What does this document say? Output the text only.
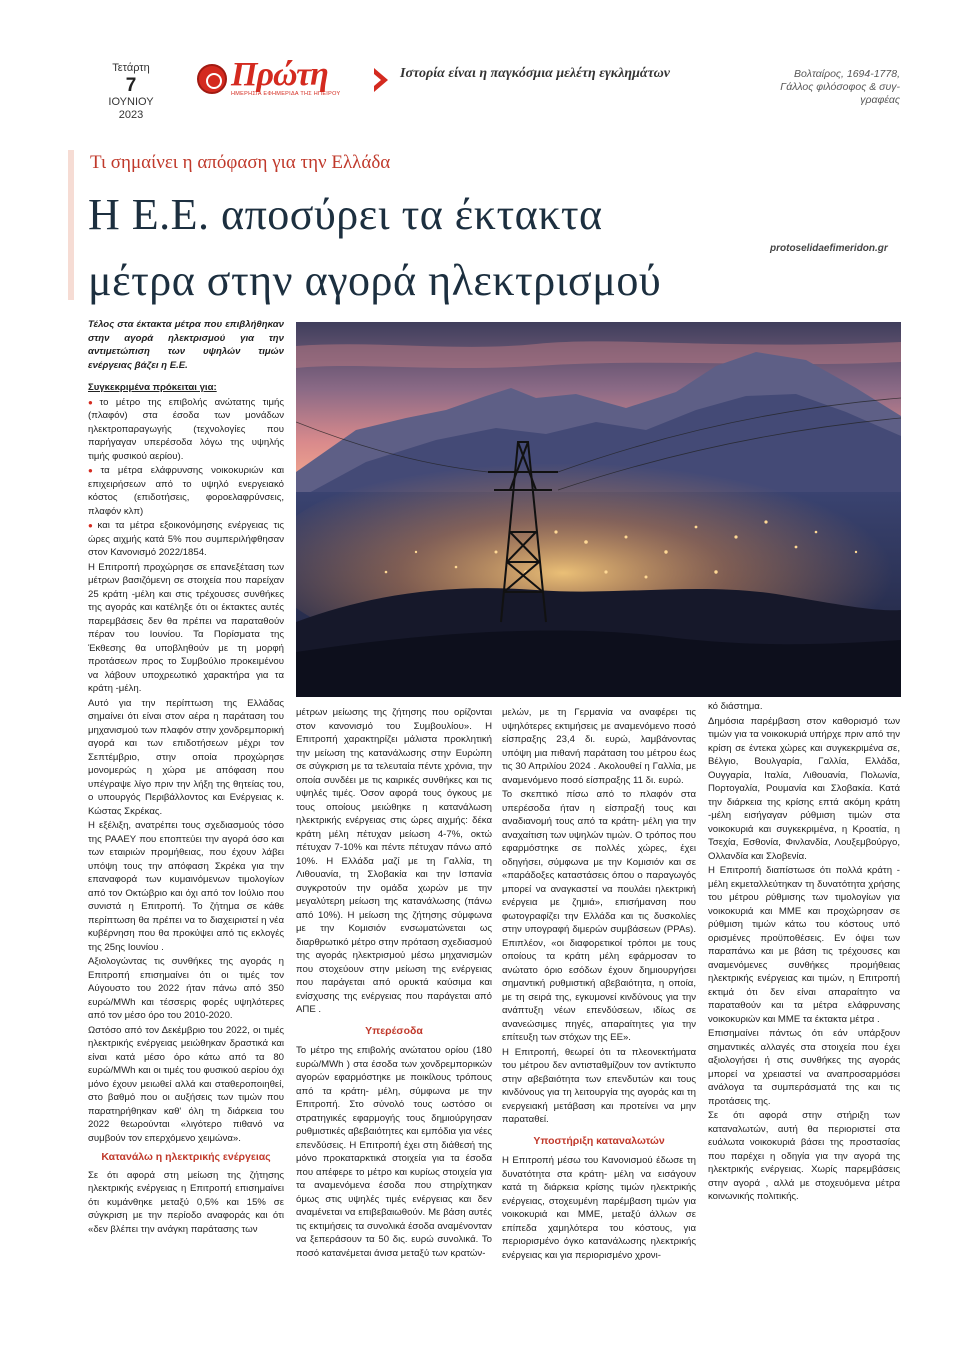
Τετάρτη
7
ΙΟΥΝΙΟΥ
2023
Πρώτη
ΗΜΕΡΗΣΙΑ ΕΦΗΜΕΡΙΔΑ ΤΗΣ ΗΠΕΙΡΟΥ
Ιστορία είναι η παγκόσμια μελέτη εγκλημάτων	Βολταίρος, 1694-1778,
Γάλλος φιλόσοφος & συγ-
γραφέας
Τι σημαίνει η απόφαση για την Ελλάδα
Η Ε.Ε. αποσύρει τα έκτακτα
μέτρα στην αγορά ηλεκτρισμού
protoselidaefimeridon.gr

Τέλος στα έκτακτα μέτρα που επιβλήθηκαν στην αγορά ηλεκτρισμού για την αντιμετώπιση των υψηλών τιμών ενέργειας βάζει η Ε.Ε.

Συγκεκριμένα πρόκειται για:

● το μέτρο της επιβολής ανώτατης τιμής (πλαφόν) στα έσοδα των μονάδων ηλεκτροπαραγωγής (τεχνολογίες που παρήγαγαν υπερέσοδα λόγω της υψηλής τιμής φυσικού αερίου).

● τα μέτρα ελάφρυνσης νοικοκυριών και επιχειρήσεων από το υψηλό ενεργειακό κόστος (επιδοτήσεις, φοροελαφρύνσεις, πλαφόν κλπ)

● και τα μέτρα εξοικονόμησης ενέργειας τις ώρες αιχμής κατά 5% που συμπεριλήφθησαν στον Κανονισμό 2022/1854.

Η Επιτροπή προχώρησε σε επανεξέταση των μέτρων βασιζόμενη σε στοιχεία που παρείχαν 25 κράτη -μέλη και στις τρέχουσες συνθήκες της αγοράς και κατέληξε ότι οι έκτακτες αυτές παρεμβάσεις δεν θα πρέπει να παραταθούν πέραν του Ιουνίου. Τα Πορίσματα της Έκθεσης θα υποβληθούν με τη μορφή προτάσεων προς το Συμβούλιο προκειμένου να λάβουν υποχρεωτικό χαρακτήρα για τα κράτη -μέλη.

Αυτό για την περίπτωση της Ελλάδας σημαίνει ότι είναι στον αέρα η παράταση του μηχανισμού των πλαφόν στην χονδρεμπορική αγορά και των επιδοτήσεων μέχρι τον Σεπτέμβριο, στην οποία προχώρησε μονομερώς η χώρα με απόφαση που υπέγραψε λίγο πριν την λήξη της θητείας του, ο υπουργός Περιβάλλοντος και Ενέργειας κ. Κώστας Σκρέκας.

Η εξέλιξη, ανατρέπει τους σχεδιασμούς τόσο της ΡΑΑΕΥ που εποπτεύει την αγορά όσο και των εταιριών προμήθειας, που έχουν λάβει υπόψη τους την απόφαση Σκρέκα για την επαναφορά των κυμαινόμενων τιμολογίων από τον Οκτώβριο και όχι από τον Ιούλιο που συνιστά η Επιτροπή. Το ζήτημα σε κάθε περίπτωση θα πρέπει να το διαχειριστεί η νέα κυβέρνηση που θα προκύψει από τις εκλογές της 25ης Ιουνίου .

Αξιολογώντας τις συνθήκες της αγοράς η Επιτροπή επισημαίνει ότι οι τιμές τον Αύγουστο του 2022 ήταν πάνω από 350 ευρώ/MWh και τέσσερις φορές υψηλότερες από τον μέσο όρο του 2010-2020.

Ωστόσο από τον Δεκέμβριο του 2022, οι τιμές ηλεκτρικής ενέργειας μειώθηκαν δραστικά και είναι κατά μέσο όρο κάτω από τα 80 ευρώ/MWh και οι τιμές του φυσικού αερίου όχι μόνο έχουν μειωθεί αλλά και σταθεροποιηθεί, στο βαθμό που οι αυξήσεις των τιμών που παρατηρήθηκαν καθ' όλη τη διάρκεια του 2022 θεωρούνται «λιγότερο πιθανό να συμβούν τον επερχόμενο χειμώνα».

Κατανάλω η ηλεκτρικής ενέργειας

Σε ότι αφορά στη μείωση της ζήτησης ηλεκτρικής ενέργειας η Επιτροπή επισημαίνει ότι κυμάνθηκε μεταξύ 0,5% και 15% σε σύγκριση με την περίοδο αναφοράς και ότι «δεν βλέπει την ανάγκη παράτασης των

μέτρων μείωσης της ζήτησης που ορίζονται στον κανονισμό του Συμβουλίου». Η Επιτροπή χαρακτηρίζει μάλιστα προκλητική την μείωση της κατανάλωσης στην Ευρώπη σε σύγκριση με τα τελευταία πέντε χρόνια, την οποία συνδέει με τις καιρικές συνθήκες και τις υψηλές τιμές. Όσον αφορά τους όγκους με τους οποίους μειώθηκε η κατανάλωση ηλεκτρικής ενέργειας στις ώρες αιχμής: δέκα κράτη μέλη πέτυχαν μείωση 4-7%, οκτώ πέτυχαν 7-10% και πέντε πέτυχαν πάνω από 10%. Η Ελλάδα μαζί με τη Γαλλία, τη Λιθουανία, τη Σλοβακία και την Ισπανία συγκροτούν την ομάδα χωρών με την μεγαλύτερη μείωση της κατανάλωσης (πάνω από 10%). Η μείωση της ζήτησης σύμφωνα με την Κομισιόν ενσωματώνεται ως διαρθρωτικό μέτρο στην πρόταση σχεδιασμού της αγοράς ηλεκτρισμού μέσω μηχανισμών που στοχεύουν στην μείωση της ενέργειας που παράγεται από ορυκτά καύσιμα και ενίσχυσης της ενέργειας που παράγεται από ΑΠΕ .

Υπερέσοδα

Το μέτρο της επιβολής ανώτατου ορίου (180 ευρώ/MWh ) στα έσοδα των χονδρεμπορικών αγορών εφαρμόστηκε με ποικίλους τρόπους από τα κράτη- μέλη, σύμφωνα με την Επιτροπή. Στο σύνολό τους ωστόσο οι στρατηγικές εφαρμογής τους δημιούργησαν ρυθμιστικές αβεβαιότητες και εμπόδια για νέες επενδύσεις. Η Επιτροπή έχει στη διάθεσή της μόνο προκαταρκτικά στοιχεία για τα έσοδα που απέφερε το μέτρο και κυρίως στοιχεία για τα αναμενόμενα έσοδα που στηρίχτηκαν όμως στις υψηλές τιμές ενέργειας και δεν αναμένεται να επιβεβαιωθούν. Με βάση αυτές τις εκτιμήσεις τα συνολικά έσοδα αναμένονταν να ξεπεράσουν τα 50 δις. ευρώ συνολικά. Το ποσό κατανέμεται άνισα μεταξύ των κρατών-

μελών, με τη Γερμανία να αναφέρει τις υψηλότερες εκτιμήσεις με αναμενόμενο ποσό είσπραξης 23,4 δι. ευρώ, λαμβάνοντας υπόψη μια πιθανή παράταση του μέτρου έως τις 30 Απριλίου 2024 . Ακολουθεί η Γαλλία, με αναμενόμενο ποσό είσπραξης 11 δι. ευρώ.

Το σκεπτικό πίσω από το πλαφόν στα υπερέσοδα ήταν η είσπραξή τους και αναδιανομή τους από τα κράτη- μέλη για την αναχαίτιση των υψηλών τιμών. Ο τρόπος που εφαρμόστηκε σε πολλές χώρες, έχει οδηγήσει, σύμφωνα με την Κομισιόν και σε «παράδοξες καταστάσεις όπου ο παραγωγός μπορεί να αναγκαστεί να πουλάει ηλεκτρική ενέργεια με ζημιά», επισήμανση που φωτογραφίζει την Ελλάδα και τις δυσκολίες στην υπογραφή διμερών συμβάσεων (PPAs). Επιπλέον, «οι διαφορετικοί τρόποι με τους οποίους τα κράτη μέλη εφάρμοσαν το ανώτατο όριο εσόδων έχουν δημιουργήσει σημαντική ρυθμιστική αβεβαιότητα, η οποία, με τη σειρά της, εγκυμονεί κινδύνους για την ανάπτυξη νέων επενδύσεων, ιδίως σε ανανεώσιμες πηγές, απαραίτητες για την επίτευξη των στόχων της ΕΕ».

Η Επιτροπή, θεωρεί ότι τα πλεονεκτήματα του μέτρου δεν αντισταθμίζουν τον αντίκτυπο στην αβεβαιότητα των επενδυτών και τους κινδύνους για τη λειτουργία της αγοράς και τη ενεργειακή μετάβαση και προτείνει να μην παραταθεί.

Υποστήριξη καταναλωτών

Η Επιτροπή μέσω του Κανονισμού έδωσε τη δυνατότητα στα κράτη- μέλη να εισάγουν κατά τη διάρκεια κρίσης τιμών ηλεκτρικής ενέργειας, στοχευμένη παρέμβαση τιμών για νοικοκυριά και ΜΜΕ, μεταξύ άλλων σε επίπεδα χαμηλότερα του κόστους, για περιορισμένο όγκο κατανάλωσης ηλεκτρικής ενέργειας και για περιορισμένο χρονι-

κό διάστημα.

Δημόσια παρέμβαση στον καθορισμό των τιμών για τα νοικοκυριά υπήρχε πριν από την κρίση σε έντεκα χώρες και συγκεκριμένα σε, Βέλγιο, Βουλγαρία, Γαλλία, Ελλάδα, Ουγγαρία, Ιταλία, Λιθουανία, Πολωνία, Πορτογαλία, Ρουμανία και Σλοβακία. Κατά την διάρκεια της κρίσης επτά ακόμη κράτη -μέλη εισήγαγαν ρύθμιση τιμών στα νοικοκυριά και συγκεκριμένα, η Κροατία, η Τσεχία, Εσθονία, Φινλανδία, Λουξεμβούργο, Ολλανδία και Σλοβενία.

Η Επιτροπή διαπίστωσε ότι πολλά κράτη - μέλη εκμεταλλεύτηκαν τη δυνατότητα χρήσης του μέτρου ρύθμισης των τιμολογίων για νοικοκυριά και ΜΜΕ και προχώρησαν σε ρύθμιση τιμών κάτω του κόστους υπό ορισμένες προϋποθέσεις. Εν όψει των παραπάνω και με βάση τις τρέχουσες και αναμενόμενες συνθήκες προμήθειας ηλεκτρικής ενέργειας και τιμών, η Επιτροπή εκτιμά ότι δεν είναι απαραίτητο να παραταθούν και τα μέτρα ελάφρυνσης νοικοκυριών και ΜΜΕ τα έκτακτα μέτρα .

Επισημαίνει πάντως ότι εάν υπάρξουν σημαντικές αλλαγές στα στοιχεία που έχει αξιολογήσει ή στις συνθήκες της αγοράς μπορεί να χρειαστεί να αναπροσαρμόσει ανάλογα τα συμπεράσματά της και τις προτάσεις της.

Σε ότι αφορά στην στήριξη των καταναλωτών, αυτή θα περιοριστεί στα ευάλωτα νοικοκυριά βάσει της προστασίας που παρέχει η οδηγία για την αγορά της ηλεκτρικής ενέργειας. Χωρίς παρεμβάσεις στην αγορά , αλλά με στοχευόμενα μέτρα κοινωνικής πολιτικής.
